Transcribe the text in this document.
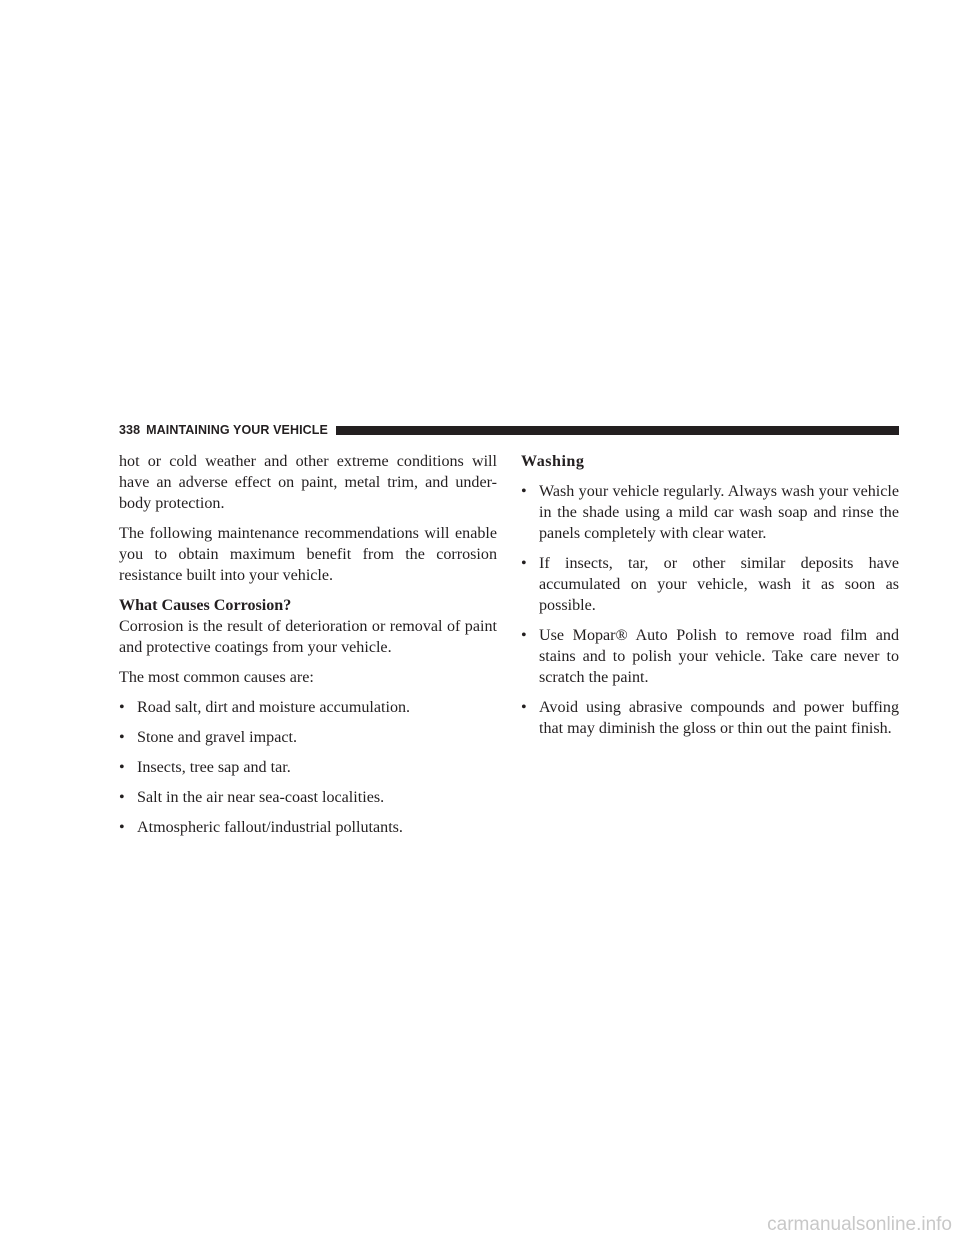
338 MAINTAINING YOUR VEHICLE

hot or cold weather and other extreme conditions will have an adverse effect on paint, metal trim, and under-body protection.

The following maintenance recommendations will enable you to obtain maximum benefit from the corrosion resistance built into your vehicle.

What Causes Corrosion?

Corrosion is the result of deterioration or removal of paint and protective coatings from your vehicle.

The most common causes are:

• Road salt, dirt and moisture accumulation.
• Stone and gravel impact.
• Insects, tree sap and tar.
• Salt in the air near sea-coast localities.
• Atmospheric fallout/industrial pollutants.
Washing
• Wash your vehicle regularly. Always wash your vehicle in the shade using a mild car wash soap and rinse the panels completely with clear water.
• If insects, tar, or other similar deposits have accumulated on your vehicle, wash it as soon as possible.
• Use Mopar® Auto Polish to remove road film and stains and to polish your vehicle. Take care never to scratch the paint.
• Avoid using abrasive compounds and power buffing that may diminish the gloss or thin out the paint finish.
carmanualsonline.info
